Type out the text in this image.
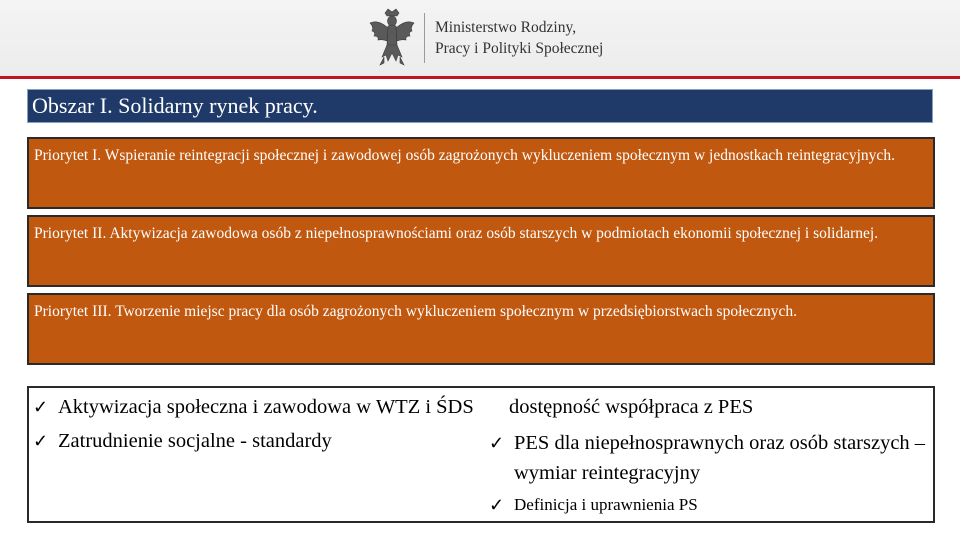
Ministerstwo Rodziny,
Pracy i Polityki Społecznej
Obszar I. Solidarny rynek pracy.
Priorytet I. Wspieranie reintegracji społecznej i zawodowej osób zagrożonych wykluczeniem społecznym w jednostkach reintegracyjnych.
Priorytet II. Aktywizacja zawodowa osób z niepełnosprawnościami oraz osób starszych w podmiotach ekonomii społecznej i solidarnej.
Priorytet III. Tworzenie miejsc pracy dla osób zagrożonych wykluczeniem społecznym w przedsiębiorstwach społecznych.
✓ Aktywizacja społeczna i zawodowa w WTZ i ŚDS
✓ Zatrudnienie socjalne - standardy
dostępność współpraca z PES
✓ PES dla niepełnosprawnych oraz osób starszych – wymiar reintegracyjny
✓ Definicja i uprawnienia PS
